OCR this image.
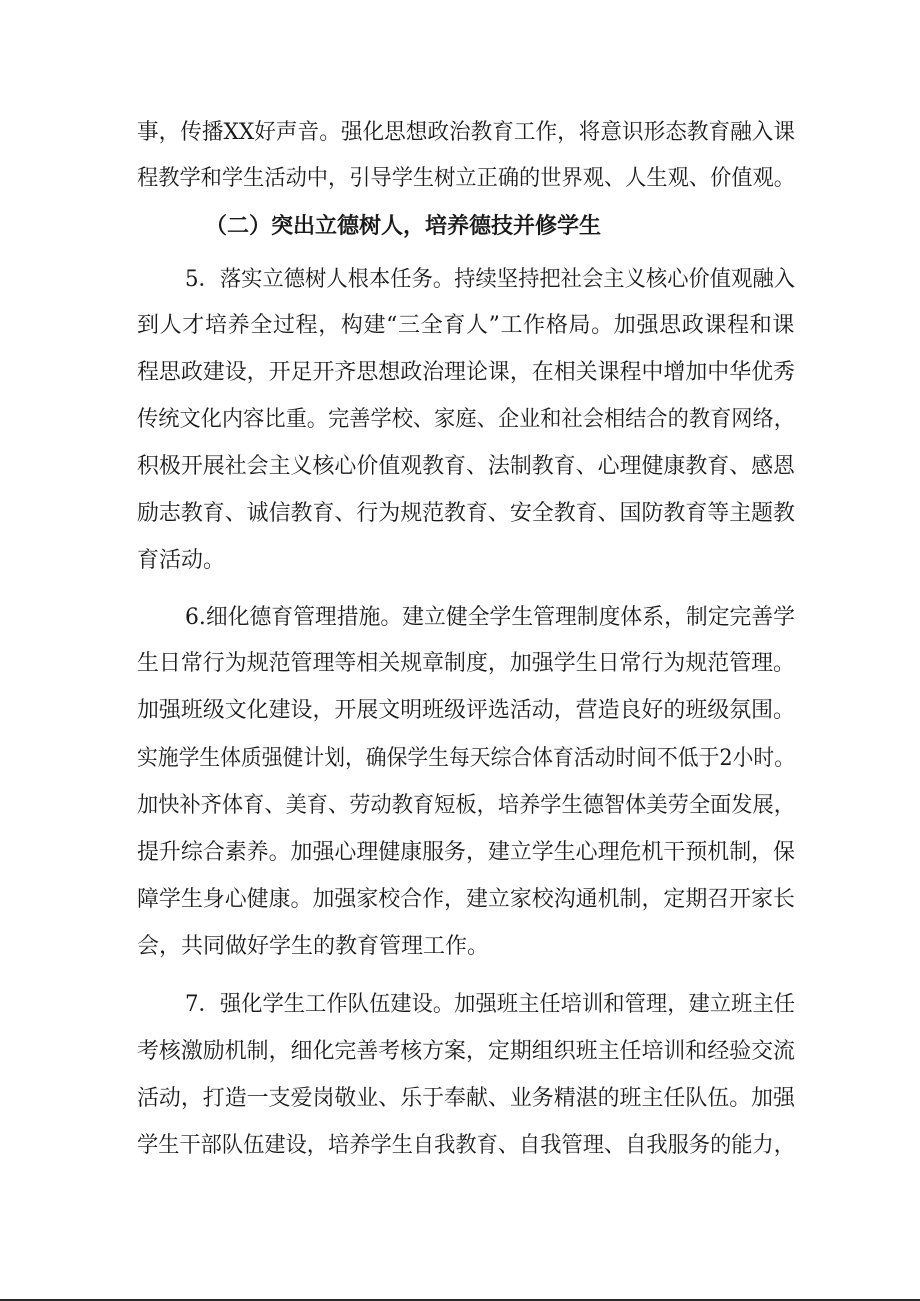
事，传播XX好声音。强化思想政治教育工作，将意识形态教育融入课
程教学和学生活动中，引导学生树立正确的世界观、人生观、价值观。
（二）突出立德树人，培养德技并修学生
5．落实立德树人根本任务。持续坚持把社会主义核心价值观融入
到人才培养全过程，构建“三全育人”工作格局。加强思政课程和课
程思政建设，开足开齐思想政治理论课，在相关课程中增加中华优秀
传统文化内容比重。完善学校、家庭、企业和社会相结合的教育网络，
积极开展社会主义核心价值观教育、法制教育、心理健康教育、感恩
励志教育、诚信教育、行为规范教育、安全教育、国防教育等主题教
育活动。
6.细化德育管理措施。建立健全学生管理制度体系，制定完善学
生日常行为规范管理等相关规章制度，加强学生日常行为规范管理。
加强班级文化建设，开展文明班级评选活动，营造良好的班级氛围。
实施学生体质强健计划，确保学生每天综合体育活动时间不低于2小时。
加快补齐体育、美育、劳动教育短板，培养学生德智体美劳全面发展，
提升综合素养。加强心理健康服务，建立学生心理危机干预机制，保
障学生身心健康。加强家校合作，建立家校沟通机制，定期召开家长
会，共同做好学生的教育管理工作。
7．强化学生工作队伍建设。加强班主任培训和管理，建立班主任
考核激励机制，细化完善考核方案，定期组织班主任培训和经验交流
活动，打造一支爱岗敬业、乐于奉献、业务精湛的班主任队伍。加强
学生干部队伍建设，培养学生自我教育、自我管理、自我服务的能力，
